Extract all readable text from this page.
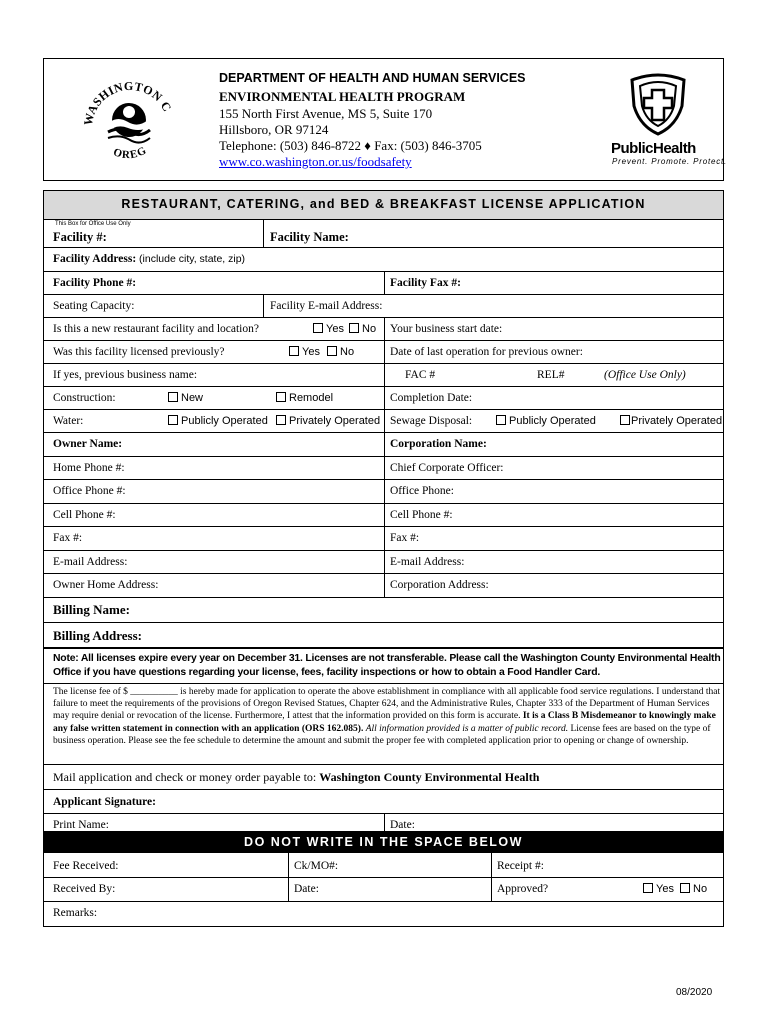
WASHINGTON C
OREG
DEPARTMENT OF HEALTH AND HUMAN SERVICES
ENVIRONMENTAL HEALTH PROGRAM
155 North First Avenue, MS 5, Suite 170
Hillsboro, OR 97124
Telephone: (503) 846-8722 ♦ Fax: (503) 846-3705
www.co.washington.or.us/foodsafety
PublicHealth
Prevent. Promote. Protect.
RESTAURANT, CATERING, and BED & BREAKFAST LICENSE APPLICATION
This Box for Office Use Only
Facility #:	Facility Name:
Facility Address: (include city, state, zip)
Facility Phone #:	Facility Fax #:
Seating Capacity:	Facility E-mail Address:
Is this a new restaurant facility and location?	Yes	No Your business start date:
Was this facility licensed previously?	Yes	No	Date of last operation for previous owner:
If yes, previous business name:	FAC #	REL#	(Office Use Only)
Construction:	New	Remodel	Completion Date:
Water:	Publicly Operated	Privately Operated Sewage Disposal:	Publicly Operated	Privately Operated
Owner Name:	Corporation Name:
Home Phone #:	Chief Corporate Officer:
Office Phone #:	Office Phone:
Cell Phone #:	Cell Phone #:
Fax #:	Fax #:
E-mail Address:	E-mail Address:
Owner Home Address:	Corporation Address:
Billing Name:
Billing Address:
Note: All licenses expire every year on December 31. Licenses are not transferable. Please call the Washington County Environmental Health Office if you have questions regarding your license, fees, facility inspections or how to obtain a Food Handler Card.
The license fee of $ __________ is hereby made for application to operate the above establishment in compliance with all applicable food service regulations. I understand that failure to meet the requirements of the provisions of Oregon Revised Statues, Chapter 624, and the Administrative Rules, Chapter 333 of the Department of Human Services may require denial or revocation of the license. Furthermore, I attest that the information provided on this form is accurate. It is a Class B Misdemeanor to knowingly make any false written statement in connection with an application (ORS 162.085). All information provided is a matter of public record. License fees are based on the type of business operation. Please see the fee schedule to determine the amount and submit the proper fee with completed application prior to opening or change of ownership.
Mail application and check or money order payable to: Washington County Environmental Health
Applicant Signature:
Print Name:	Date:
DO NOT WRITE IN THE SPACE BELOW
Fee Received:	Ck/MO#:	Receipt #:
Received By:	Date:	Approved?	Yes	No
Remarks:
08/2020
